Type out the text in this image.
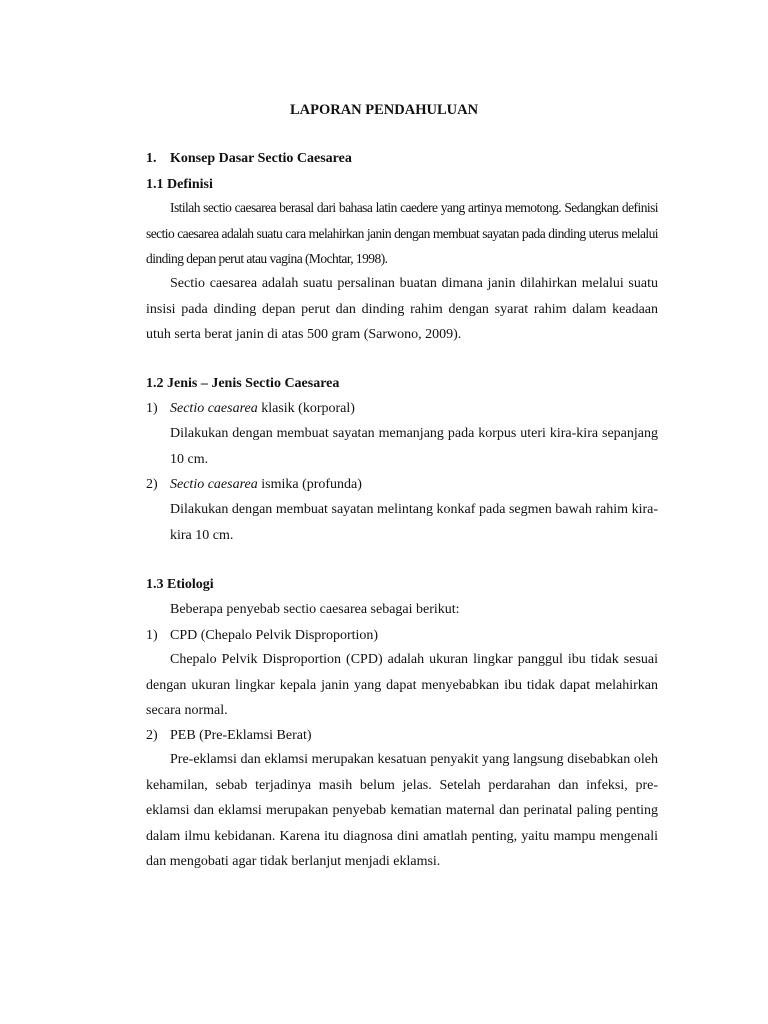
LAPORAN PENDAHULUAN
1. Konsep Dasar Sectio Caesarea
1.1 Definisi
Istilah sectio caesarea berasal dari bahasa latin caedere yang artinya memotong. Sedangkan definisi sectio caesarea adalah suatu cara melahirkan janin dengan membuat sayatan pada dinding uterus melalui dinding depan perut atau vagina (Mochtar, 1998).
Sectio caesarea adalah suatu persalinan buatan dimana janin dilahirkan melalui suatu insisi pada dinding depan perut dan dinding rahim dengan syarat rahim dalam keadaan utuh serta berat janin di atas 500 gram (Sarwono, 2009).
1.2 Jenis – Jenis Sectio Caesarea
1) Sectio caesarea klasik (korporal)
Dilakukan dengan membuat sayatan memanjang pada korpus uteri kira-kira sepanjang 10 cm.
2) Sectio caesarea ismika (profunda)
Dilakukan dengan membuat sayatan melintang konkaf pada segmen bawah rahim kira-kira 10 cm.
1.3 Etiologi
Beberapa penyebab sectio caesarea sebagai berikut:
1) CPD (Chepalo Pelvik Disproportion)
Chepalo Pelvik Disproportion (CPD) adalah ukuran lingkar panggul ibu tidak sesuai dengan ukuran lingkar kepala janin yang dapat menyebabkan ibu tidak dapat melahirkan secara normal.
2) PEB (Pre-Eklamsi Berat)
Pre-eklamsi dan eklamsi merupakan kesatuan penyakit yang langsung disebabkan oleh kehamilan, sebab terjadinya masih belum jelas. Setelah perdarahan dan infeksi, pre-eklamsi dan eklamsi merupakan penyebab kematian maternal dan perinatal paling penting dalam ilmu kebidanan. Karena itu diagnosa dini amatlah penting, yaitu mampu mengenali dan mengobati agar tidak berlanjut menjadi eklamsi.
